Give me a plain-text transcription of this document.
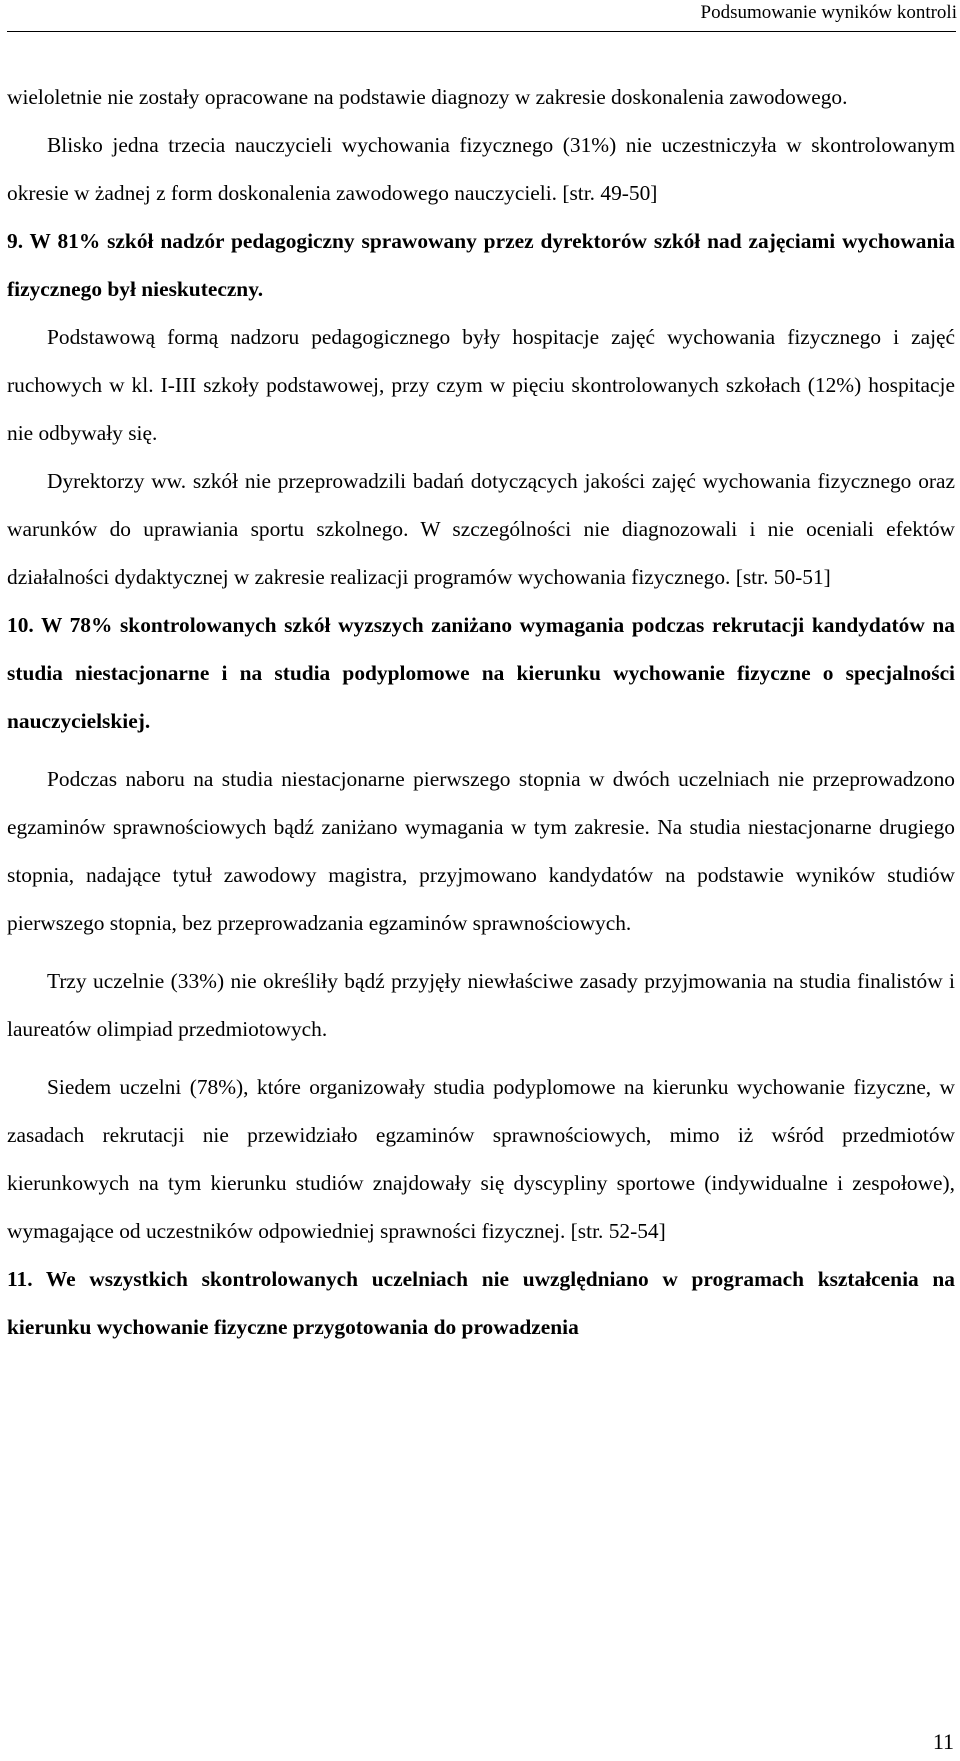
Podsumowanie wyników kontroli

wieloletnie nie zostały opracowane na podstawie diagnozy w zakresie doskonalenia zawodowego.

Blisko jedna trzecia nauczycieli wychowania fizycznego (31%) nie uczestniczyła w skontrolowanym okresie w żadnej z form doskonalenia zawodowego nauczycieli. [str. 49-50]

9. W 81% szkół nadzór pedagogiczny sprawowany przez dyrektorów szkół nad zajęciami wychowania fizycznego był nieskuteczny.

Podstawową formą nadzoru pedagogicznego były hospitacje zajęć wychowania fizycznego i zajęć ruchowych w kl. I-III szkoły podstawowej, przy czym w pięciu skontrolowanych szkołach (12%) hospitacje nie odbywały się.

Dyrektorzy ww. szkół nie przeprowadzili badań dotyczących jakości zajęć wychowania fizycznego oraz warunków do uprawiania sportu szkolnego. W szczególności nie diagnozowali i nie oceniali efektów działalności dydaktycznej w zakresie realizacji programów wychowania fizycznego. [str. 50-51]

10. W 78% skontrolowanych szkół wyzszych zaniżano wymagania podczas rekrutacji kandydatów na studia niestacjonarne i na studia podyplomowe na kierunku wychowanie fizyczne o specjalności nauczycielskiej.

Podczas naboru na studia niestacjonarne pierwszego stopnia w dwóch uczelniach nie przeprowadzono egzaminów sprawnościowych bądź zaniżano wymagania w tym zakresie. Na studia niestacjonarne drugiego stopnia, nadające tytuł zawodowy magistra, przyjmowano kandydatów na podstawie wyników studiów pierwszego stopnia, bez przeprowadzania egzaminów sprawnościowych.

Trzy uczelnie (33%) nie określiły bądź przyjęły niewłaściwe zasady przyjmowania na studia finalistów i laureatów olimpiad przedmiotowych.

Siedem uczelni (78%), które organizowały studia podyplomowe na kierunku wychowanie fizyczne, w zasadach rekrutacji nie przewidziało egzaminów sprawnościowych, mimo iż wśród przedmiotów kierunkowych na tym kierunku studiów znajdowały się dyscypliny sportowe (indywidualne i zespołowe), wymagające od uczestników odpowiedniej sprawności fizycznej. [str. 52-54]

11. We wszystkich skontrolowanych uczelniach nie uwzględniano w programach kształcenia na kierunku wychowanie fizyczne przygotowania do prowadzenia

11
